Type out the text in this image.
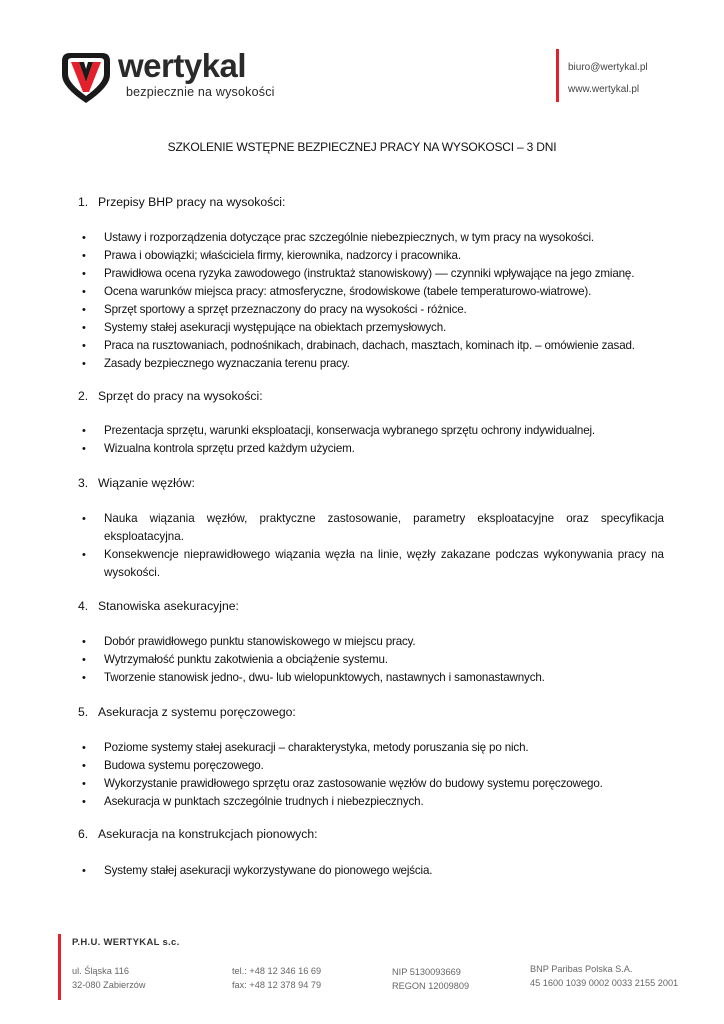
wertykal
bezpiecznie na wysokości
biuro@wertykal.pl
www.wertykal.pl
SZKOLENIE WSTĘPNE BEZPIECZNEJ PRACY NA WYSOKOSCI – 3 DNI
1. Przepisy BHP pracy na wysokości:
• Ustawy i rozporządzenia dotyczące prac szczególnie niebezpiecznych, w tym pracy na wysokości.
• Prawa i obowiązki; właściciela firmy, kierownika, nadzorcy i pracownika.
• Prawidłowa ocena ryzyka zawodowego (instruktaż stanowiskowy) –– czynniki wpływające na jego zmianę.
• Ocena warunków miejsca pracy: atmosferyczne, środowiskowe (tabele temperaturowo-wiatrowe).
• Sprzęt sportowy a sprzęt przeznaczony do pracy na wysokości - różnice.
• Systemy stałej asekuracji występujące na obiektach przemysłowych.
• Praca na rusztowaniach, podnośnikach, drabinach, dachach, masztach, kominach itp. – omówienie zasad.
• Zasady bezpiecznego wyznaczania terenu pracy.
2. Sprzęt do pracy na wysokości:
• Prezentacja sprzętu, warunki eksploatacji, konserwacja wybranego sprzętu ochrony indywidualnej.
• Wizualna kontrola sprzętu przed każdym użyciem.
3. Wiązanie węzłów:
• Nauka wiązania węzłów, praktyczne zastosowanie, parametry eksploatacyjne oraz specyfikacja eksploatacyjna.
• Konsekwencje nieprawidłowego wiązania węzła na linie, węzły zakazane podczas wykonywania pracy na wysokości.
4. Stanowiska asekuracyjne:
• Dobór prawidłowego punktu stanowiskowego w miejscu pracy.
• Wytrzymałość punktu zakotwienia a obciążenie systemu.
• Tworzenie stanowisk jedno-, dwu- lub wielopunktowych, nastawnych i samonastawnych.
5. Asekuracja z systemu poręczowego:
• Poziome systemy stałej asekuracji – charakterystyka, metody poruszania się po nich.
• Budowa systemu poręczowego.
• Wykorzystanie prawidłowego sprzętu oraz zastosowanie węzłów do budowy systemu poręczowego.
• Asekuracja w punktach szczególnie trudnych i niebezpiecznych.
6. Asekuracja na konstrukcjach pionowych:
• Systemy stałej asekuracji wykorzystywane do pionowego wejścia.
P.H.U. WERTYKAL s.c.
ul. Śląska 116
32-080 Zabierzów
tel.: +48 12 346 16 69
fax: +48 12 378 94 79
NIP 5130093669
REGON 12009809
BNP Paribas Polska S.A.
45 1600 1039 0002 0033 2155 2001
